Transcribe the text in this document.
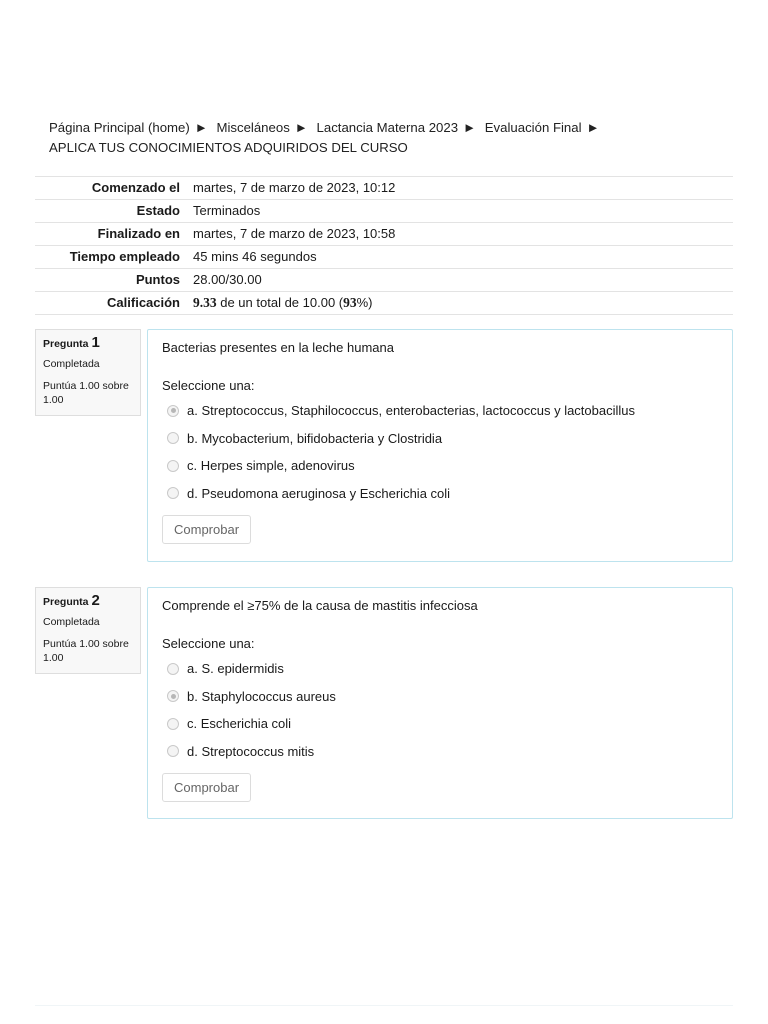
Página Principal (home) ► Misceláneos ► Lactancia Materna 2023 ► Evaluación Final ►
APLICA TUS CONOCIMIENTOS ADQUIRIDOS DEL CURSO
Comenzado el	martes, 7 de marzo de 2023, 10:12
Estado	Terminados
Finalizado en	martes, 7 de marzo de 2023, 10:58
Tiempo empleado	45 mins 46 segundos
Puntos	28.00/30.00
Calificación	9.33 de un total de 10.00 (93%)
Pregunta 1
Completada
Puntúa 1.00 sobre 1.00
Bacterias presentes en la leche humana
Seleccione una:
a. Streptococcus, Staphilococcus, enterobacterias, lactococcus y lactobacillus
b. Mycobacterium, bifidobacteria y Clostridia
c. Herpes simple, adenovirus
d. Pseudomona aeruginosa y Escherichia coli
Comprobar
Pregunta 2
Completada
Puntúa 1.00 sobre 1.00
Comprende el ≥75% de la causa de mastitis infecciosa
Seleccione una:
a. S. epidermidis
b. Staphylococcus aureus
c. Escherichia coli
d. Streptococcus mitis
Comprobar
